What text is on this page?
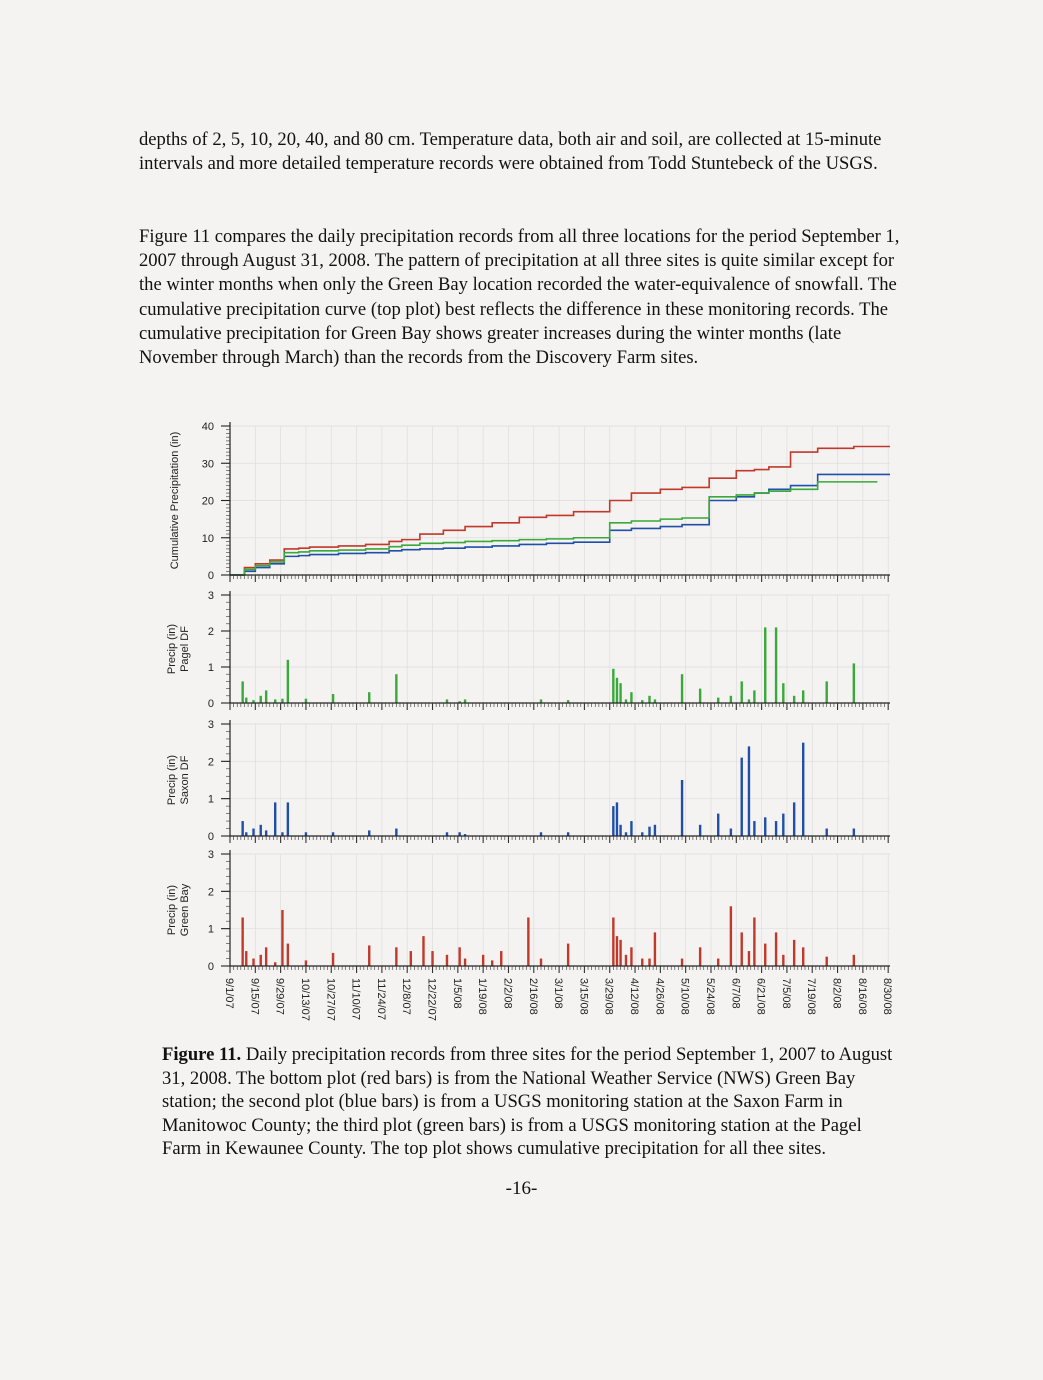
depths of 2, 5, 10, 20, 40, and 80 cm. Temperature data, both air and soil, are collected at 15-minute intervals and more detailed temperature records were obtained from Todd Stuntebeck of the USGS.

Figure 11 compares the daily precipitation records from all three locations for the period September 1, 2007 through August 31, 2008. The pattern of precipitation at all three sites is quite similar except for the winter months when only the Green Bay location recorded the water-equivalence of snowfall. The cumulative precipitation curve (top plot) best reflects the difference in these monitoring records. The cumulative precipitation for Green Bay shows greater increases during the winter months (late November through March) than the records from the Discovery Farm sites.

0
10
20
30
40
Cumulative Precipitation (in)
0
1
2
3
Precip (in) Pagel DF
0
1
2
3
Precip (in) Saxon DF
0
1
2
3
Precip (in) Green Bay
9/1/07 9/15/07 9/29/07 10/13/07 10/27/07 11/10/07 11/24/07 12/8/07 12/22/07 1/5/08 1/19/08 2/2/08 2/16/08 3/1/08 3/15/08 3/29/08 4/12/08 4/26/08 5/10/08 5/24/08 6/7/08 6/21/08 7/5/08 7/19/08 8/2/08 8/16/08 8/30/08

Figure 11. Daily precipitation records from three sites for the period September 1, 2007 to August 31, 2008. The bottom plot (red bars) is from the National Weather Service (NWS) Green Bay station; the second plot (blue bars) is from a USGS monitoring station at the Saxon Farm in Manitowoc County; the third plot (green bars) is from a USGS monitoring station at the Pagel Farm in Kewaunee County. The top plot shows cumulative precipitation for all thee sites.

-16-
